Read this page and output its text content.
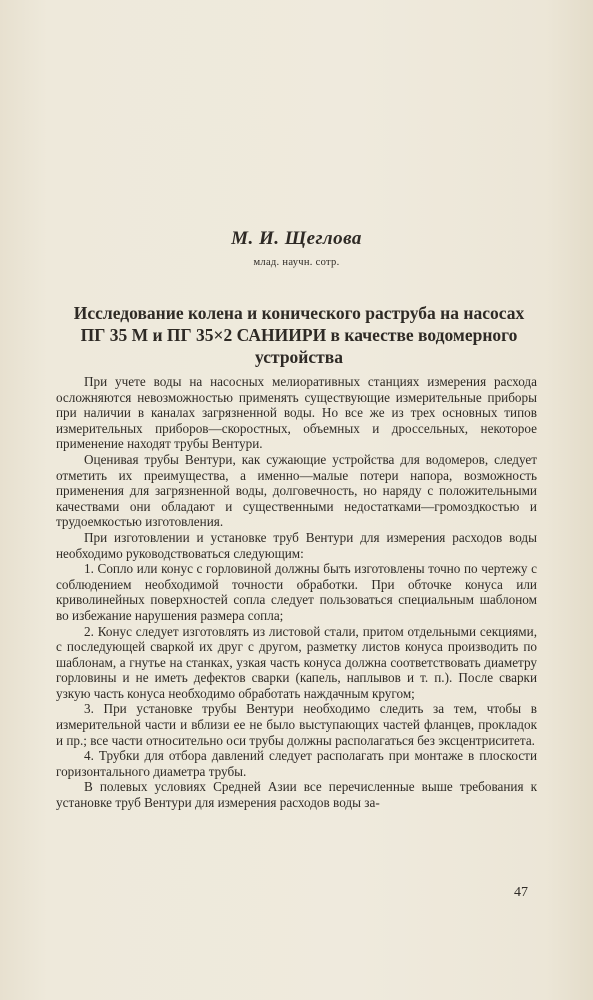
М. И. Щеглова
млад. научн. сотр.
Исследование колена и конического раструба на насосах ПГ 35 М и ПГ 35×2 САНИИРИ в качестве водомерного устройства

При учете воды на насосных мелиоративных станциях измерения расхода осложняются невозможностью применять существующие измерительные приборы при наличии в каналах загрязненной воды. Но все же из трех основных типов измерительных приборов—скоростных, объемных и дроссельных, некоторое применение находят трубы Вентури.

Оценивая трубы Вентури, как сужающие устройства для водомеров, следует отметить их преимущества, а именно—малые потери напора, возможность применения для загрязненной воды, долговечность, но наряду с положительными качествами они обладают и существенными недостатками—громоздкостью и трудоемкостью изготовления.

При изготовлении и установке труб Вентури для измерения расходов воды необходимо руководствоваться следующим:

1. Сопло или конус с горловиной должны быть изготовлены точно по чертежу с соблюдением необходимой точности обработки. При обточке конуса или криволинейных поверхностей сопла следует пользоваться специальным шаблоном во избежание нарушения размера сопла;

2. Конус следует изготовлять из листовой стали, притом отдельными секциями, с последующей сваркой их друг с другом, разметку листов конуса производить по шаблонам, а гнутье на станках, узкая часть конуса должна соответствовать диаметру горловины и не иметь дефектов сварки (капель, наплывов и т. п.). После сварки узкую часть конуса необходимо обработать наждачным кругом;

3. При установке трубы Вентури необходимо следить за тем, чтобы в измерительной части и вблизи ее не было выступающих частей фланцев, прокладок и пр.; все части относительно оси трубы должны располагаться без эксцентриситета.

4. Трубки для отбора давлений следует располагать при монтаже в плоскости горизонтального диаметра трубы.

В полевых условиях Средней Азии все перечисленные выше требования к установке труб Вентури для измерения расходов воды за-

47
